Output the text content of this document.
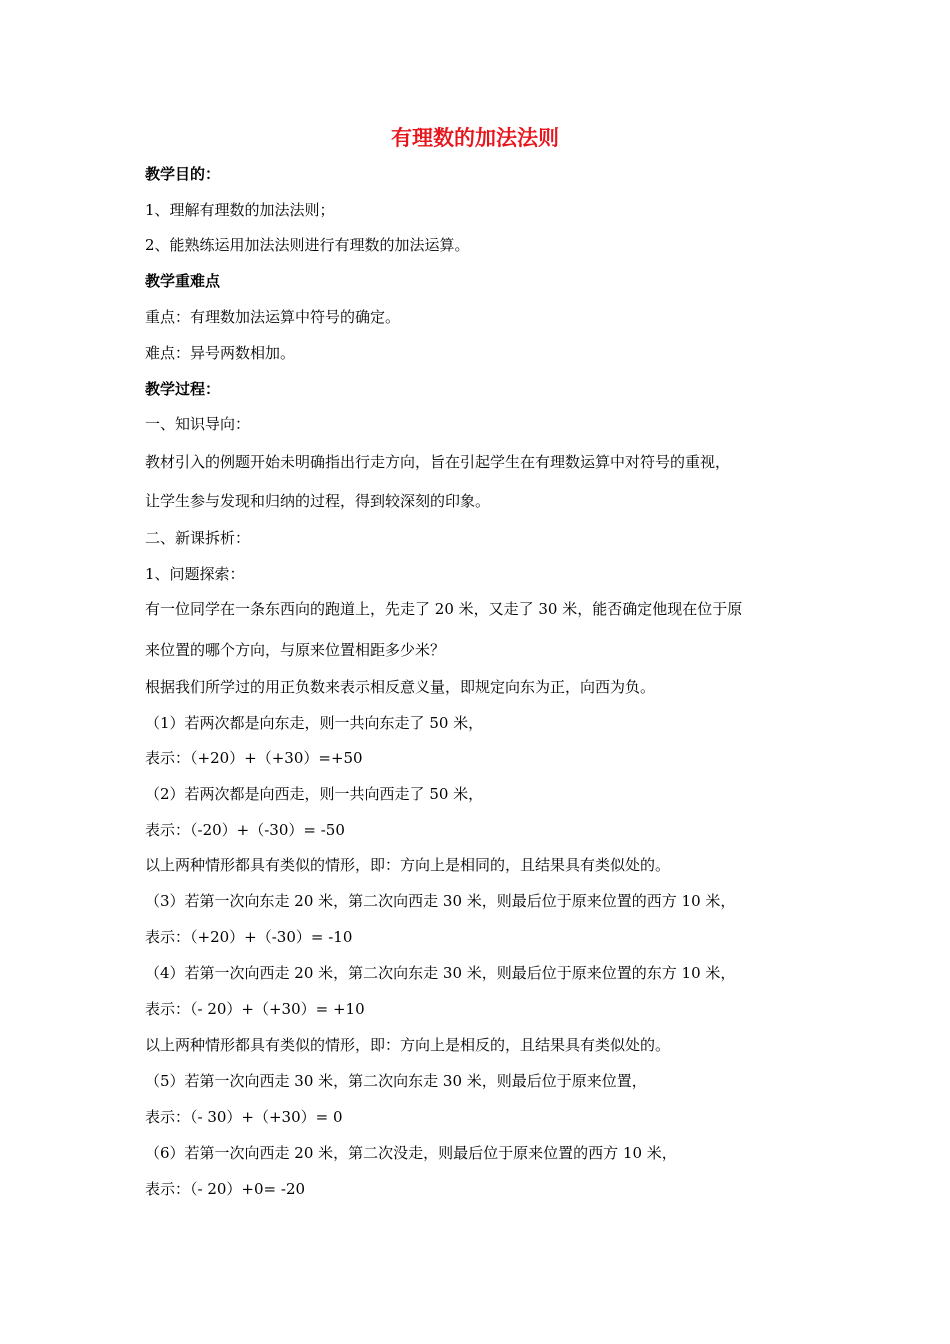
有理数的加法法则
教学目的：
1、理解有理数的加法法则；
2、能熟练运用加法法则进行有理数的加法运算。
教学重难点
重点：有理数加法运算中符号的确定。
难点：异号两数相加。
教学过程：
一、知识导向：
教材引入的例题开始未明确指出行走方向，旨在引起学生在有理数运算中对符号的重视，
让学生参与发现和归纳的过程，得到较深刻的印象。
二、新课拆析：
1、问题探索：
有一位同学在一条东西向的跑道上，先走了 20 米，又走了 30 米，能否确定他现在位于原
来位置的哪个方向，与原来位置相距多少米？
根据我们所学过的用正负数来表示相反意义量，即规定向东为正，向西为负。
（1）若两次都是向东走，则一共向东走了 50 米，
表示：（+20）+（+30）=+50
（2）若两次都是向西走，则一共向西走了 50 米，
表示：（-20）+（-30）= -50
以上两种情形都具有类似的情形，即：方向上是相同的，且结果具有类似处的。
（3）若第一次向东走 20 米，第二次向西走 30 米，则最后位于原来位置的西方 10 米，
表示：（+20）+（-30）= -10
（4）若第一次向西走 20 米，第二次向东走 30 米，则最后位于原来位置的东方 10 米，
表示：（- 20）+（+30）= +10
以上两种情形都具有类似的情形，即：方向上是相反的，且结果具有类似处的。
（5）若第一次向西走 30 米，第二次向东走 30 米，则最后位于原来位置，
表示：（- 30）+（+30）= 0
（6）若第一次向西走 20 米，第二次没走，则最后位于原来位置的西方 10 米，
表示：（- 20）+0= -20
